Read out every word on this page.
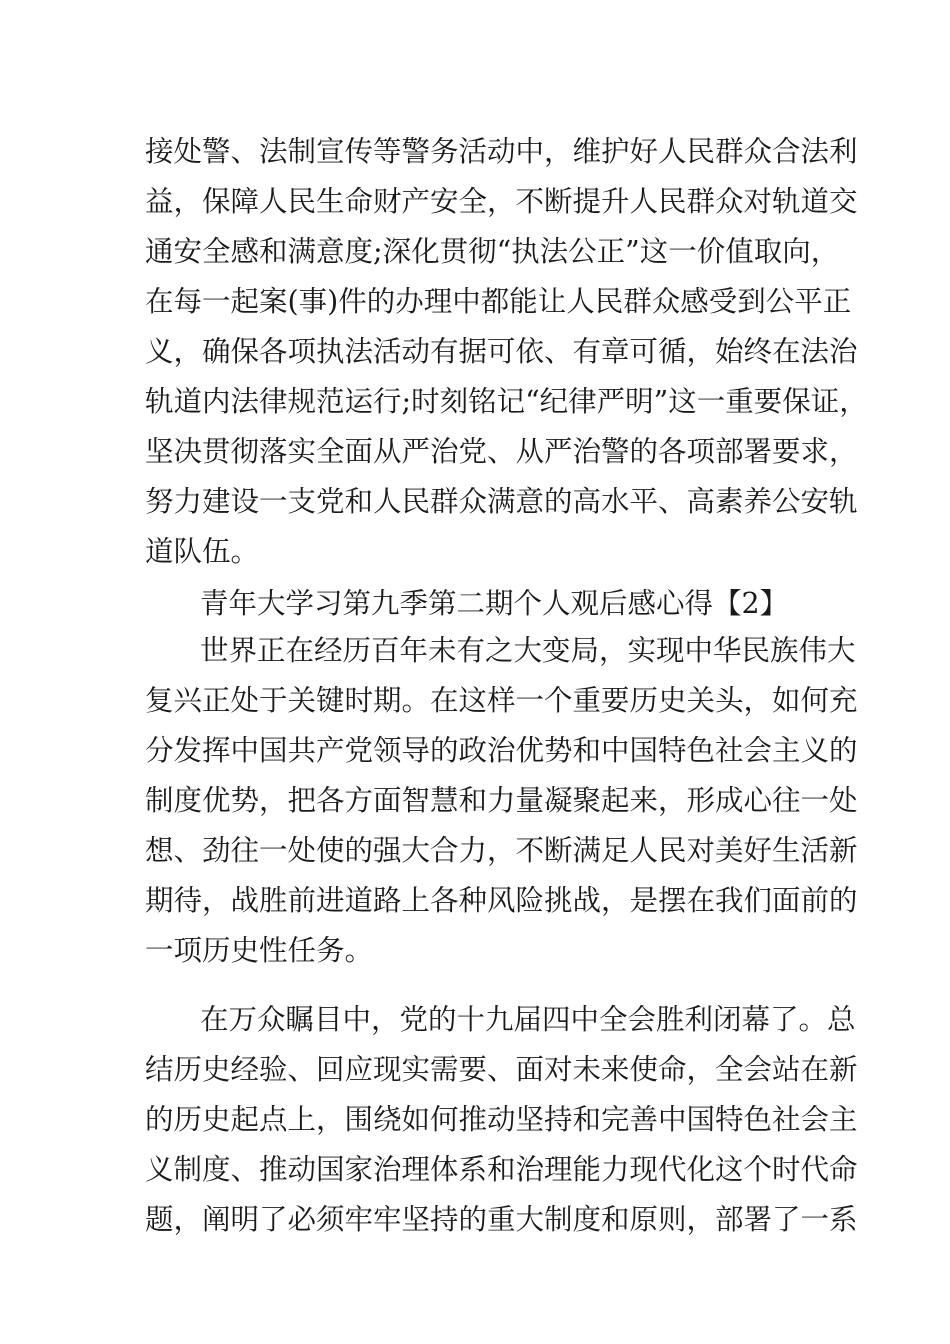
接处警、法制宣传等警务活动中，维护好人民群众合法利

益，保障人民生命财产安全，不断提升人民群众对轨道交

通安全感和满意度;深化贯彻“执法公正”这一价值取向，

在每一起案(事)件的办理中都能让人民群众感受到公平正

义，确保各项执法活动有据可依、有章可循，始终在法治

轨道内法律规范运行;时刻铭记“纪律严明”这一重要保证，

坚决贯彻落实全面从严治党、从严治警的各项部署要求，

努力建设一支党和人民群众满意的高水平、高素养公安轨

道队伍。

青年大学习第九季第二期个人观后感心得【2】

世界正在经历百年未有之大变局，实现中华民族伟大

复兴正处于关键时期。在这样一个重要历史关头，如何充

分发挥中国共产党领导的政治优势和中国特色社会主义的

制度优势，把各方面智慧和力量凝聚起来，形成心往一处

想、劲往一处使的强大合力，不断满足人民对美好生活新

期待，战胜前进道路上各种风险挑战，是摆在我们面前的

一项历史性任务。

在万众瞩目中，党的十九届四中全会胜利闭幕了。总

结历史经验、回应现实需要、面对未来使命，全会站在新

的历史起点上，围绕如何推动坚持和完善中国特色社会主

义制度、推动国家治理体系和治理能力现代化这个时代命

题，阐明了必须牢牢坚持的重大制度和原则，部署了一系
